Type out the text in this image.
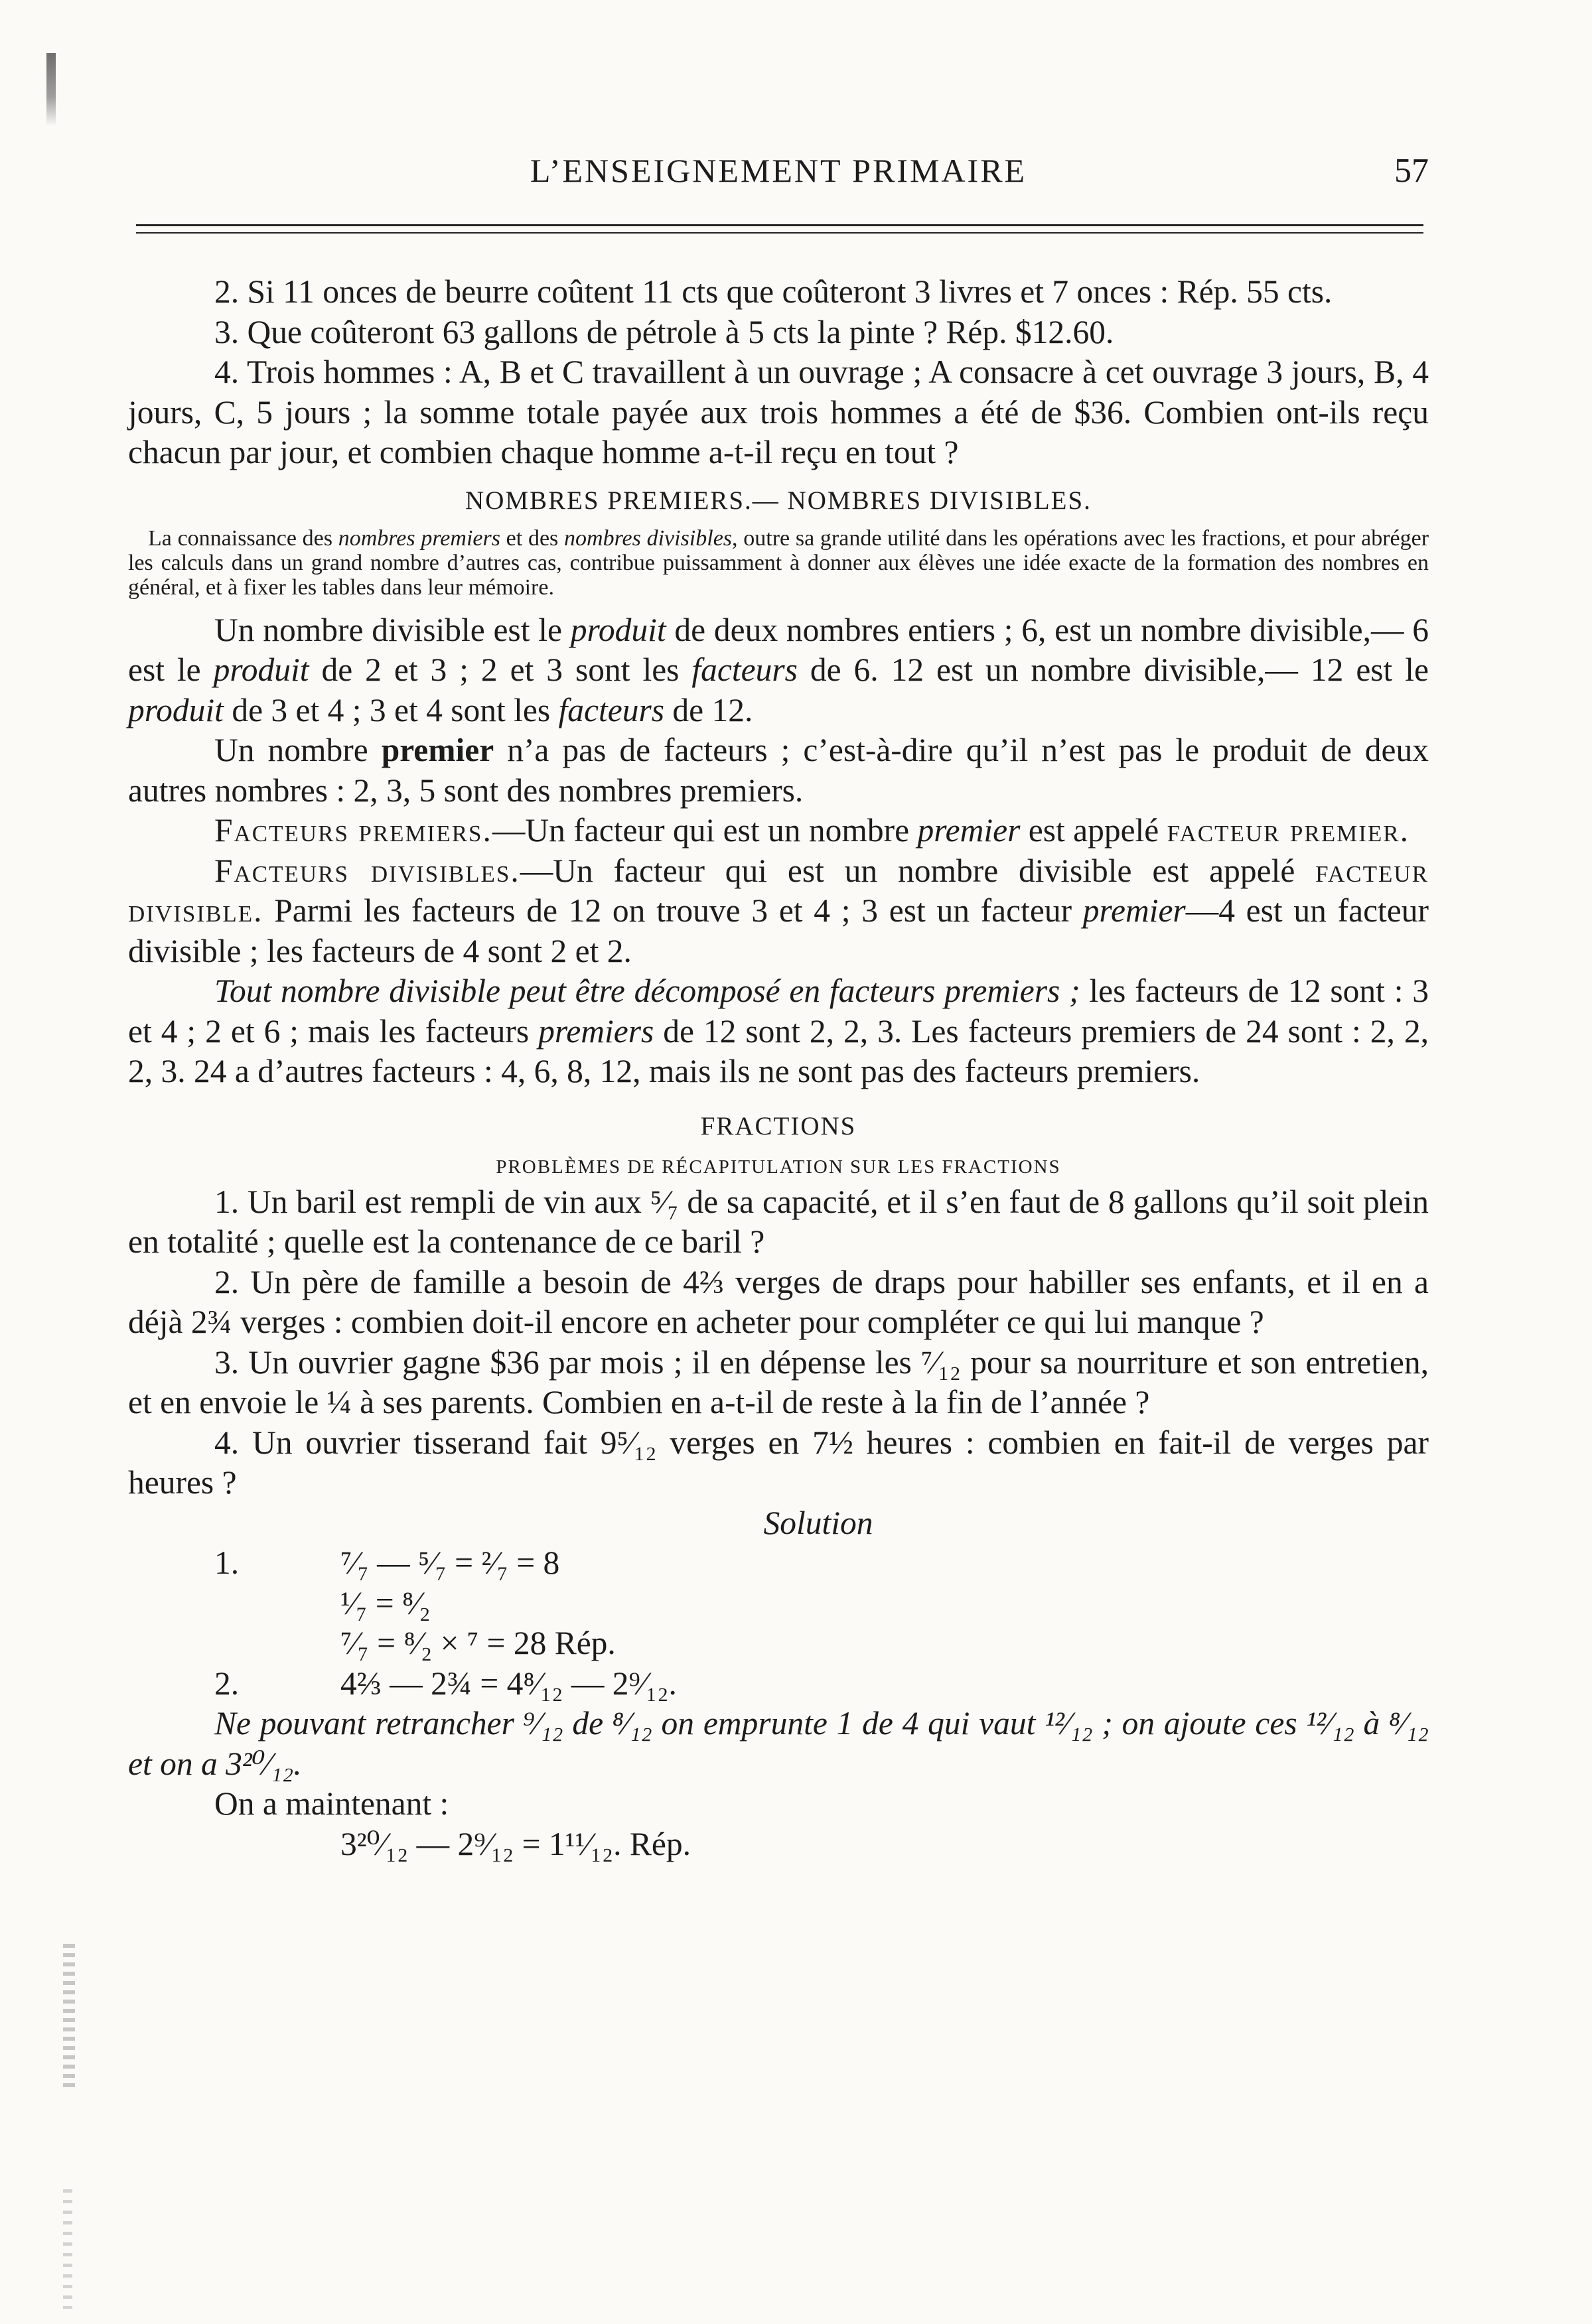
L’ENSEIGNEMENT PRIMAIRE	57

2. Si 11 onces de beurre coûtent 11 cts que coûteront 3 livres et 7 onces : Rép. 55 cts.

3. Que coûteront 63 gallons de pétrole à 5 cts la pinte ? Rép. $12.60.

4. Trois hommes : A, B et C travaillent à un ouvrage ; A consacre à cet ouvrage 3 jours, B, 4 jours, C, 5 jours ; la somme totale payée aux trois hommes a été de $36. Combien ont-ils reçu chacun par jour, et combien chaque homme a-t-il reçu en tout ?

NOMBRES PREMIERS.— NOMBRES DIVISIBLES.

La connaissance des nombres premiers et des nombres divisibles, outre sa grande utilité dans les opérations avec les fractions, et pour abréger les calculs dans un grand nombre d’autres cas, contribue puissamment à donner aux élèves une idée exacte de la formation des nombres en général, et à fixer les tables dans leur mémoire.

Un nombre divisible est le produit de deux nombres entiers ; 6, est un nombre divisible,— 6 est le produit de 2 et 3 ; 2 et 3 sont les facteurs de 6. 12 est un nombre divisible,— 12 est le produit de 3 et 4 ; 3 et 4 sont les facteurs de 12.

Un nombre premier n’a pas de facteurs ; c’est-à-dire qu’il n’est pas le produit de deux autres nombres : 2, 3, 5 sont des nombres premiers.

Facteurs premiers.—Un facteur qui est un nombre premier est appelé facteur premier.

Facteurs divisibles.—Un facteur qui est un nombre divisible est appelé facteur divisible. Parmi les facteurs de 12 on trouve 3 et 4 ; 3 est un facteur premier—4 est un facteur divisible ; les facteurs de 4 sont 2 et 2.

Tout nombre divisible peut être décomposé en facteurs premiers ; les facteurs de 12 sont : 3 et 4 ; 2 et 6 ; mais les facteurs premiers de 12 sont 2, 2, 3. Les facteurs premiers de 24 sont : 2, 2, 2, 3. 24 a d’autres facteurs : 4, 6, 8, 12, mais ils ne sont pas des facteurs premiers.

FRACTIONS

PROBLÈMES DE RÉCAPITULATION SUR LES FRACTIONS

1. Un baril est rempli de vin aux ⁵⁄₇ de sa capacité, et il s’en faut de 8 gallons qu’il soit plein en totalité ; quelle est la contenance de ce baril ?

2. Un père de famille a besoin de 4⅔ verges de draps pour habiller ses enfants, et il en a déjà 2¾ verges : combien doit-il encore en acheter pour compléter ce qui lui manque ?

3. Un ouvrier gagne $36 par mois ; il en dépense les ⁷⁄₁₂ pour sa nourriture et son entretien, et en envoie le ¼ à ses parents. Combien en a-t-il de reste à la fin de l’année ?

4. Un ouvrier tisserand fait 9⁵⁄₁₂ verges en 7½ heures : combien en fait-il de verges par heures ?

Solution

1.	⁷⁄₇ — ⁵⁄₇ = ²⁄₇ = 8

¹⁄₇ = ⁸⁄₂

⁷⁄₇ = ⁸⁄₂ × ⁷ = 28 Rép.

2.	4⅔ — 2¾ = 4⁸⁄₁₂ — 2⁹⁄₁₂.

Ne pouvant retrancher ⁹⁄₁₂ de ⁸⁄₁₂ on emprunte 1 de 4 qui vaut ¹²⁄₁₂ ; on ajoute ces ¹²⁄₁₂ à ⁸⁄₁₂ et on a 3²⁰⁄₁₂.

On a maintenant :

3²⁰⁄₁₂ — 2⁹⁄₁₂ = 1¹¹⁄₁₂. Rép.
